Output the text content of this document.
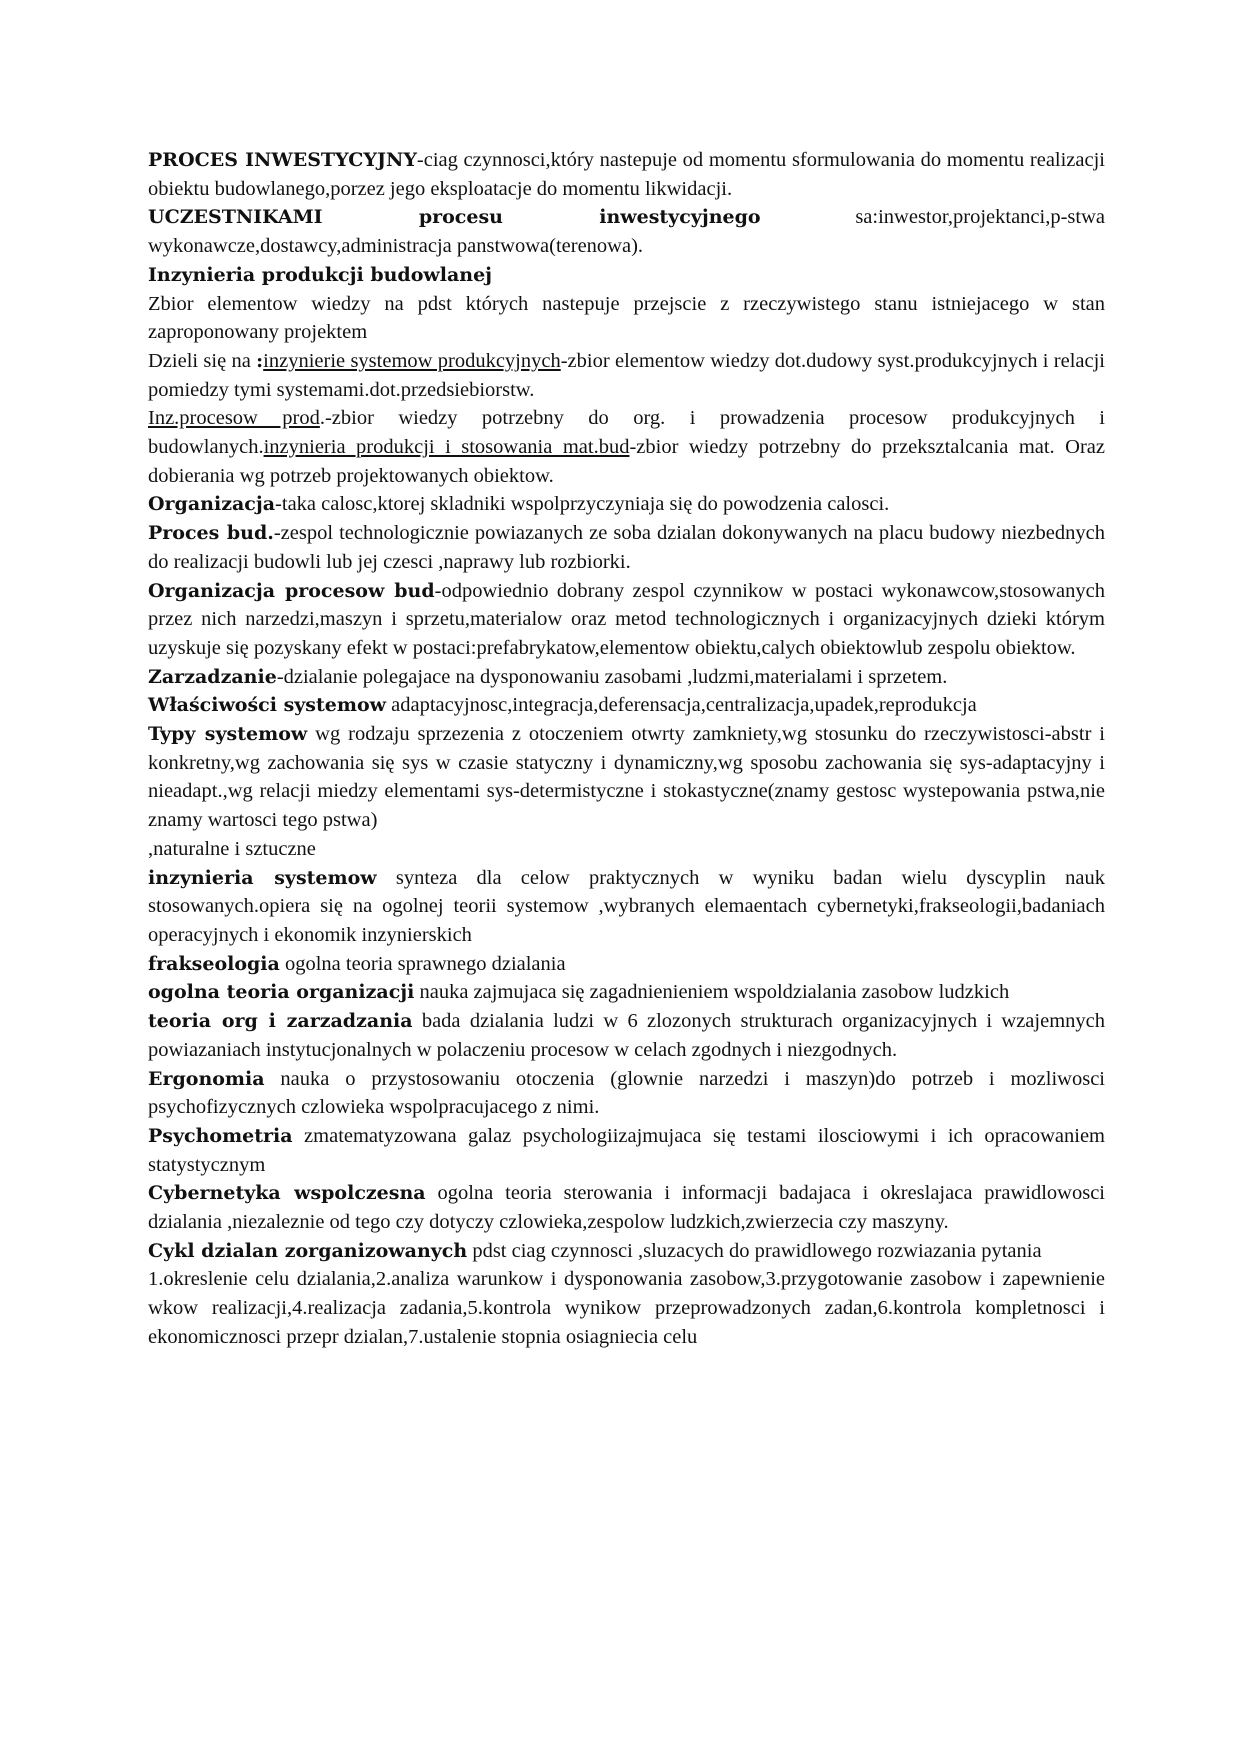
PROCES INWESTYCYJNY-ciag czynnosci,który nastepuje od momentu sformulowania do momentu realizacji obiektu budowlanego,porzez jego eksploatacje do momentu likwidacji.

UCZESTNIKAMI procesu inwestycyjnego sa:inwestor,projektanci,p-stwa wykonawcze,dostawcy,administracja panstwowa(terenowa).

Inzynieria produkcji budowlanej

Zbior elementow wiedzy na pdst których nastepuje przejscie z rzeczywistego stanu istniejacego w stan zaproponowany projektem

Dzieli się na :inzynierie systemow produkcyjnych-zbior elementow wiedzy dot.dudowy syst.produkcyjnych i relacji pomiedzy tymi systemami.dot.przedsiebiorstw.

Inz.procesow prod.-zbior wiedzy potrzebny do org. i prowadzenia procesow produkcyjnych i budowlanych.inzynieria produkcji i stosowania mat.bud-zbior wiedzy potrzebny do przeksztalcania mat. Oraz dobierania wg potrzeb projektowanych obiektow.

Organizacja-taka calosc,ktorej skladniki wspolprzyczyniaja się do powodzenia calosci.

Proces bud.-zespol technologicznie powiazanych ze soba dzialan dokonywanych na placu budowy niezbednych do realizacji budowli lub jej czesci ,naprawy lub rozbiorki.

Organizacja procesow bud-odpowiednio dobrany zespol czynnikow w postaci wykonawcow,stosowanych przez nich narzedzi,maszyn i sprzetu,materialow oraz metod technologicznych i organizacyjnych dzieki którym uzyskuje się pozyskany efekt w postaci:prefabrykatow,elementow obiektu,calych obiektowlub zespolu obiektow.

Zarzadzanie-dzialanie polegajace na dysponowaniu zasobami ,ludzmi,materialami i sprzetem.

Właściwości systemow adaptacyjnosc,integracja,deferensacja,centralizacja,upadek,reprodukcja

Typy systemow wg rodzaju sprzezenia z otoczeniem otwrty zamkniety,wg stosunku do rzeczywistosci-abstr i konkretny,wg zachowania się sys w czasie statyczny i dynamiczny,wg sposobu zachowania się sys-adaptacyjny i nieadapt.,wg relacji miedzy elementami sys-determistyczne i stokastyczne(znamy gestosc wystepowania pstwa,nie znamy wartosci tego pstwa)

,naturalne i sztuczne

inzynieria systemow synteza dla celow praktycznych w wyniku badan wielu dyscyplin nauk stosowanych.opiera się na ogolnej teorii systemow ,wybranych elemaentach cybernetyki,frakseologii,badaniach operacyjnych i ekonomik inzynierskich

frakseologia ogolna teoria sprawnego dzialania

ogolna teoria organizacji nauka zajmujaca się zagadnienieniem wspoldzialania zasobow ludzkich

teoria org i zarzadzania bada dzialania ludzi w 6 zlozonych strukturach organizacyjnych i wzajemnych powiazaniach instytucjonalnych w polaczeniu procesow w celach zgodnych i niezgodnych.

Ergonomia nauka o przystosowaniu otoczenia (glownie narzedzi i maszyn)do potrzeb i mozliwosci psychofizycznych czlowieka wspolpracujacego z nimi.

Psychometria zmatematyzowana galaz psychologiizajmujaca się testami ilosciowymi i ich opracowaniem statystycznym

Cybernetyka wspolczesna ogolna teoria sterowania i informacji badajaca i okreslajaca prawidlowosci dzialania ,niezaleznie od tego czy dotyczy czlowieka,zespolow ludzkich,zwierzecia czy maszyny.

Cykl dzialan zorganizowanych pdst ciag czynnosci ,sluzacych do prawidlowego rozwiazania pytania

1.okreslenie celu dzialania,2.analiza warunkow i dysponowania zasobow,3.przygotowanie zasobow i zapewnienie wkow realizacji,4.realizacja zadania,5.kontrola wynikow przeprowadzonych zadan,6.kontrola kompletnosci i ekonomicznosci przepr dzialan,7.ustalenie stopnia osiagniecia celu
